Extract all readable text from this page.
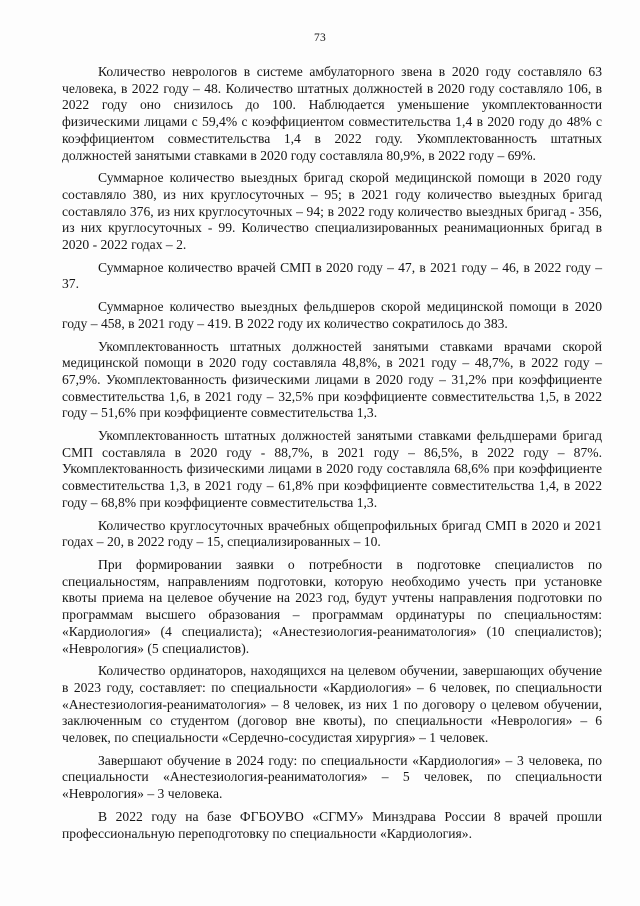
73

Количество неврологов в системе амбулаторного звена в 2020 году составляло 63 человека, в 2022 году – 48. Количество штатных должностей в 2020 году составляло 106, в 2022 году оно снизилось до 100. Наблюдается уменьшение укомплектованности физическими лицами с 59,4% с коэффициентом совместительства 1,4 в 2020 году до 48% с коэффициентом совместительства 1,4 в 2022 году. Укомплектованность штатных должностей занятыми ставками в 2020 году составляла 80,9%, в 2022 году – 69%.

Суммарное количество выездных бригад скорой медицинской помощи в 2020 году составляло 380, из них круглосуточных – 95; в 2021 году количество выездных бригад составляло 376, из них круглосуточных – 94; в 2022 году количество выездных бригад - 356, из них круглосуточных - 99. Количество специализированных реанимационных бригад в 2020 - 2022 годах – 2.

Суммарное количество врачей СМП в 2020 году – 47, в 2021 году – 46, в 2022 году – 37.

Суммарное количество выездных фельдшеров скорой медицинской помощи в 2020 году – 458, в 2021 году – 419. В 2022 году их количество сократилось до 383.

Укомплектованность штатных должностей занятыми ставками врачами скорой медицинской помощи в 2020 году составляла 48,8%, в 2021 году – 48,7%, в 2022 году – 67,9%. Укомплектованность физическими лицами в 2020 году – 31,2% при коэффициенте совместительства 1,6, в 2021 году – 32,5% при коэффициенте совместительства 1,5, в 2022 году – 51,6% при коэффициенте совместительства 1,3.

Укомплектованность штатных должностей занятыми ставками фельдшерами бригад СМП составляла в 2020 году - 88,7%, в 2021 году – 86,5%, в 2022 году – 87%. Укомплектованность физическими лицами в 2020 году составляла 68,6% при коэффициенте совместительства 1,3, в 2021 году – 61,8% при коэффициенте совместительства 1,4, в 2022 году – 68,8% при коэффициенте совместительства 1,3.

Количество круглосуточных врачебных общепрофильных бригад СМП в 2020 и 2021 годах – 20, в 2022 году – 15, специализированных – 10.

При формировании заявки о потребности в подготовке специалистов по специальностям, направлениям подготовки, которую необходимо учесть при установке квоты приема на целевое обучение на 2023 год, будут учтены направления подготовки по программам высшего образования – программам ординатуры по специальностям: «Кардиология» (4 специалиста); «Анестезиология-реаниматология» (10 специалистов); «Неврология» (5 специалистов).

Количество ординаторов, находящихся на целевом обучении, завершающих обучение в 2023 году, составляет: по специальности «Кардиология» – 6 человек, по специальности «Анестезиология-реаниматология» – 8 человек, из них 1 по договору о целевом обучении, заключенным со студентом (договор вне квоты), по специальности «Неврология» – 6 человек, по специальности «Сердечно-сосудистая хирургия» – 1 человек.

Завершают обучение в 2024 году: по специальности «Кардиология» – 3 человека, по специальности «Анестезиология-реаниматология» – 5 человек, по специальности «Неврология» – 3 человека.

В 2022 году на базе ФГБОУВО «СГМУ» Минздрава России 8 врачей прошли профессиональную переподготовку по специальности «Кардиология».
